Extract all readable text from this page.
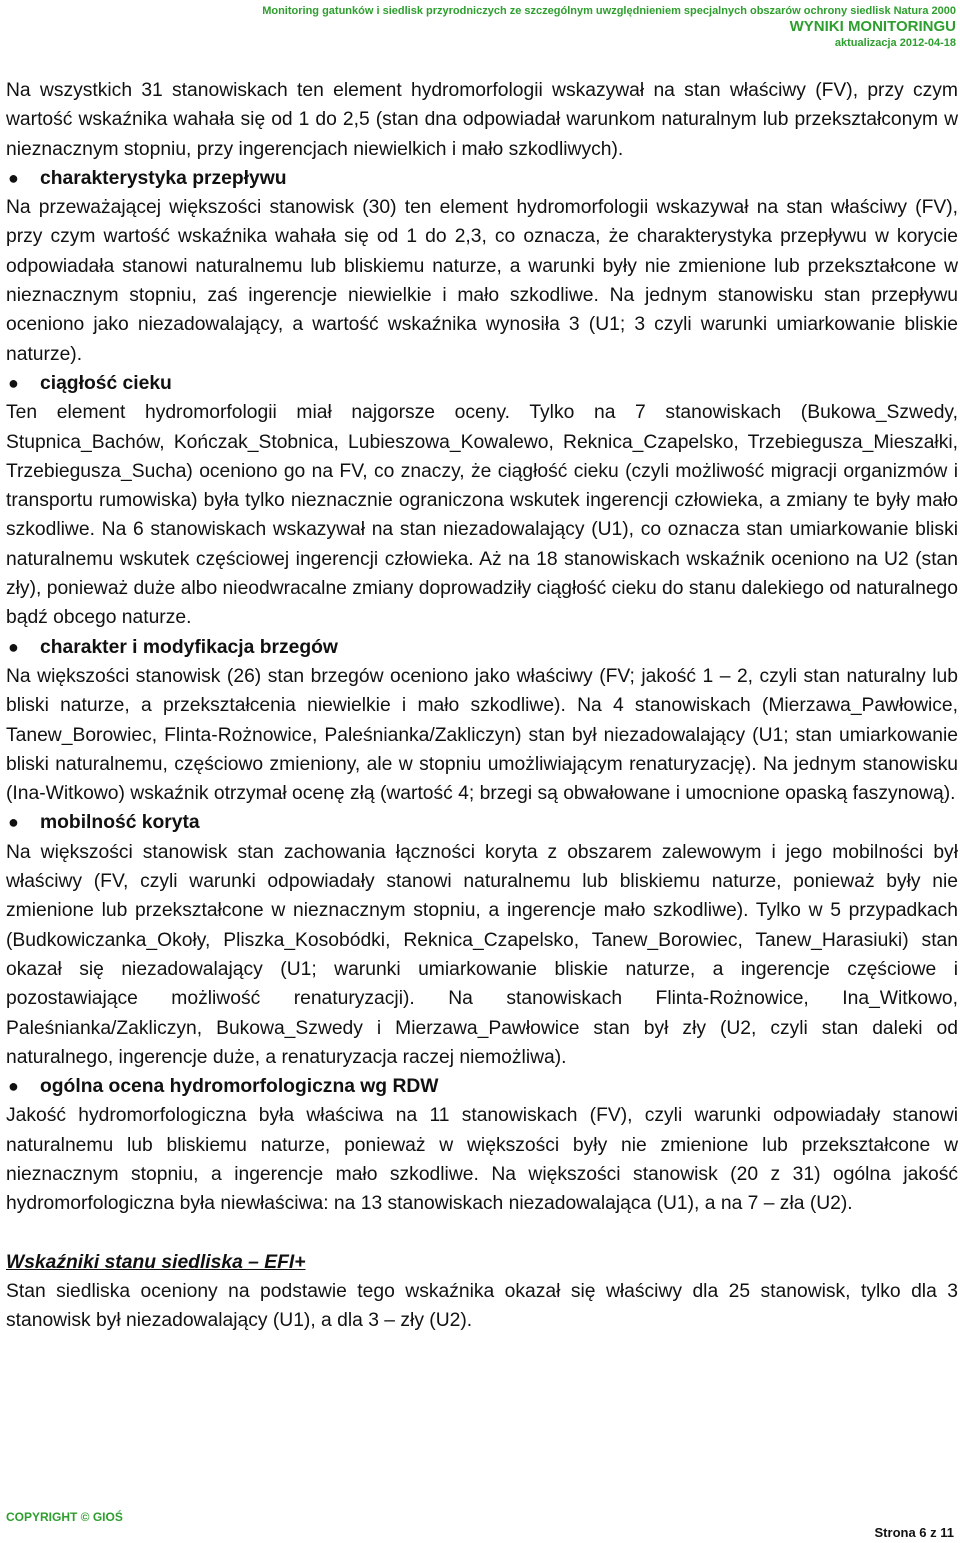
Monitoring gatunków i siedlisk przyrodniczych ze szczególnym uwzględnieniem specjalnych obszarów ochrony siedlisk Natura 2000
WYNIKI MONITORINGU
aktualizacja 2012-04-18

Na wszystkich 31 stanowiskach ten element hydromorfologii wskazywał na stan właściwy (FV), przy czym wartość wskaźnika wahała się od 1 do 2,5 (stan dna odpowiadał warunkom naturalnym lub przekształconym w nieznacznym stopniu, przy ingerencjach niewielkich i mało szkodliwych).

● charakterystyka przepływu

Na przeważającej większości stanowisk (30) ten element hydromorfologii wskazywał na stan właściwy (FV), przy czym wartość wskaźnika wahała się od 1 do 2,3, co oznacza, że charakterystyka przepływu w korycie odpowiadała stanowi naturalnemu lub bliskiemu naturze, a warunki były nie zmienione lub przekształcone w nieznacznym stopniu, zaś ingerencje niewielkie i mało szkodliwe. Na jednym stanowisku stan przepływu oceniono jako niezadowalający, a wartość wskaźnika wynosiła 3 (U1; 3 czyli warunki umiarkowanie bliskie naturze).

● ciągłość cieku

Ten element hydromorfologii miał najgorsze oceny. Tylko na 7 stanowiskach (Bukowa_Szwedy, Stupnica_Bachów, Kończak_Stobnica, Lubieszowa_Kowalewo, Reknica_Czapelsko, Trzebiegusza_Mieszałki, Trzebiegusza_Sucha) oceniono go na FV, co znaczy, że ciągłość cieku (czyli możliwość migracji organizmów i transportu rumowiska) była tylko nieznacznie ograniczona wskutek ingerencji człowieka, a zmiany te były mało szkodliwe. Na 6 stanowiskach wskazywał na stan niezadowalający (U1), co oznacza stan umiarkowanie bliski naturalnemu wskutek częściowej ingerencji człowieka. Aż na 18 stanowiskach wskaźnik oceniono na U2 (stan zły), ponieważ duże albo nieodwracalne zmiany doprowadziły ciągłość cieku do stanu dalekiego od naturalnego bądź obcego naturze.

● charakter i modyfikacja brzegów

Na większości stanowisk (26) stan brzegów oceniono jako właściwy (FV; jakość 1 – 2, czyli stan naturalny lub bliski naturze, a przekształcenia niewielkie i mało szkodliwe). Na 4 stanowiskach (Mierzawa_Pawłowice, Tanew_Borowiec, Flinta-Rożnowice, Paleśnianka/Zakliczyn) stan był niezadowalający (U1; stan umiarkowanie bliski naturalnemu, częściowo zmieniony, ale w stopniu umożliwiającym renaturyzację). Na jednym stanowisku (Ina-Witkowo) wskaźnik otrzymał ocenę złą (wartość 4; brzegi są obwałowane i umocnione opaską faszynową).

● mobilność koryta

Na większości stanowisk stan zachowania łączności koryta z obszarem zalewowym i jego mobilności był właściwy (FV, czyli warunki odpowiadały stanowi naturalnemu lub bliskiemu naturze, ponieważ były nie zmienione lub przekształcone w nieznacznym stopniu, a ingerencje mało szkodliwe). Tylko w 5 przypadkach (Budkowiczanka_Okoły, Pliszka_Kosobódki, Reknica_Czapelsko, Tanew_Borowiec, Tanew_Harasiuki) stan okazał się niezadowalający (U1; warunki umiarkowanie bliskie naturze, a ingerencje częściowe i pozostawiające możliwość renaturyzacji). Na stanowiskach Flinta-Rożnowice, Ina_Witkowo, Paleśnianka/Zakliczyn, Bukowa_Szwedy i Mierzawa_Pawłowice stan był zły (U2, czyli stan daleki od naturalnego, ingerencje duże, a renaturyzacja raczej niemożliwa).

● ogólna ocena hydromorfologiczna wg RDW

Jakość hydromorfologiczna była właściwa na 11 stanowiskach (FV), czyli warunki odpowiadały stanowi naturalnemu lub bliskiemu naturze, ponieważ w większości były nie zmienione lub przekształcone w nieznacznym stopniu, a ingerencje mało szkodliwe. Na większości stanowisk (20 z 31) ogólna jakość hydromorfologiczna była niewłaściwa: na 13 stanowiskach niezadowalająca (U1), a na 7 – zła (U2).

Wskaźniki stanu siedliska – EFI+

Stan siedliska oceniony na podstawie tego wskaźnika okazał się właściwy dla 25 stanowisk, tylko dla 3 stanowisk był niezadowalający (U1), a dla 3 – zły (U2).

COPYRIGHT © GIOŚ
Strona 6 z 11
